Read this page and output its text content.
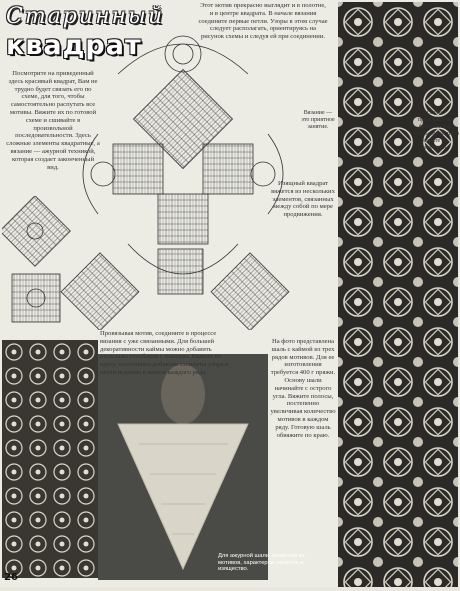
Старинный
квадрат
Посмотрите на приведенный здесь красивый квадрат, Вам не трудно будет связать его по схеме, для того, чтобы самостоятельно распутать все мотивы. Вяжите их по готовой схеме и сшивайте в произвольной последовательности. Здесь сложные элементы квадратные, а вязание — ажурной техникой, которая создает законченный вид.
Этот мотив прекрасно выглядит и в полотне, и в центре квадрата. В начале вязания соедините первые петли. Узоры в этом случае следует располагать, ориентируясь на рисунок схемы и следуя ей при соединении.
Изящный квадрат вяжется из нескольких элементов, связанных между собой по мере продвижения.
Вязание — это приятное занятие.
На фото представлена шаль с каймой из трех рядов мотивов. Для ее изготовления требуется 400 г пряжи. Основу шали начинайте с острого угла. Вяжите полосы, постепенно увеличивая количество мотивов в каждом ряду. Готовую шаль обвяжите по краю.
Провязывая мотив, соедините в процессе вязания с уже связанными. Для большей декоративности каймы можно добавить несколько столбиков с накидом. Вяжите по кругу, постепенно добавляя элементы узора и петли подъема в начале каждого ряда.
Схема представлена фрагментом, остальные мотивы вяжите по аналогии.
Для ажурной шали, вязанной из мотивов, характерна легкость и изящество.
26
